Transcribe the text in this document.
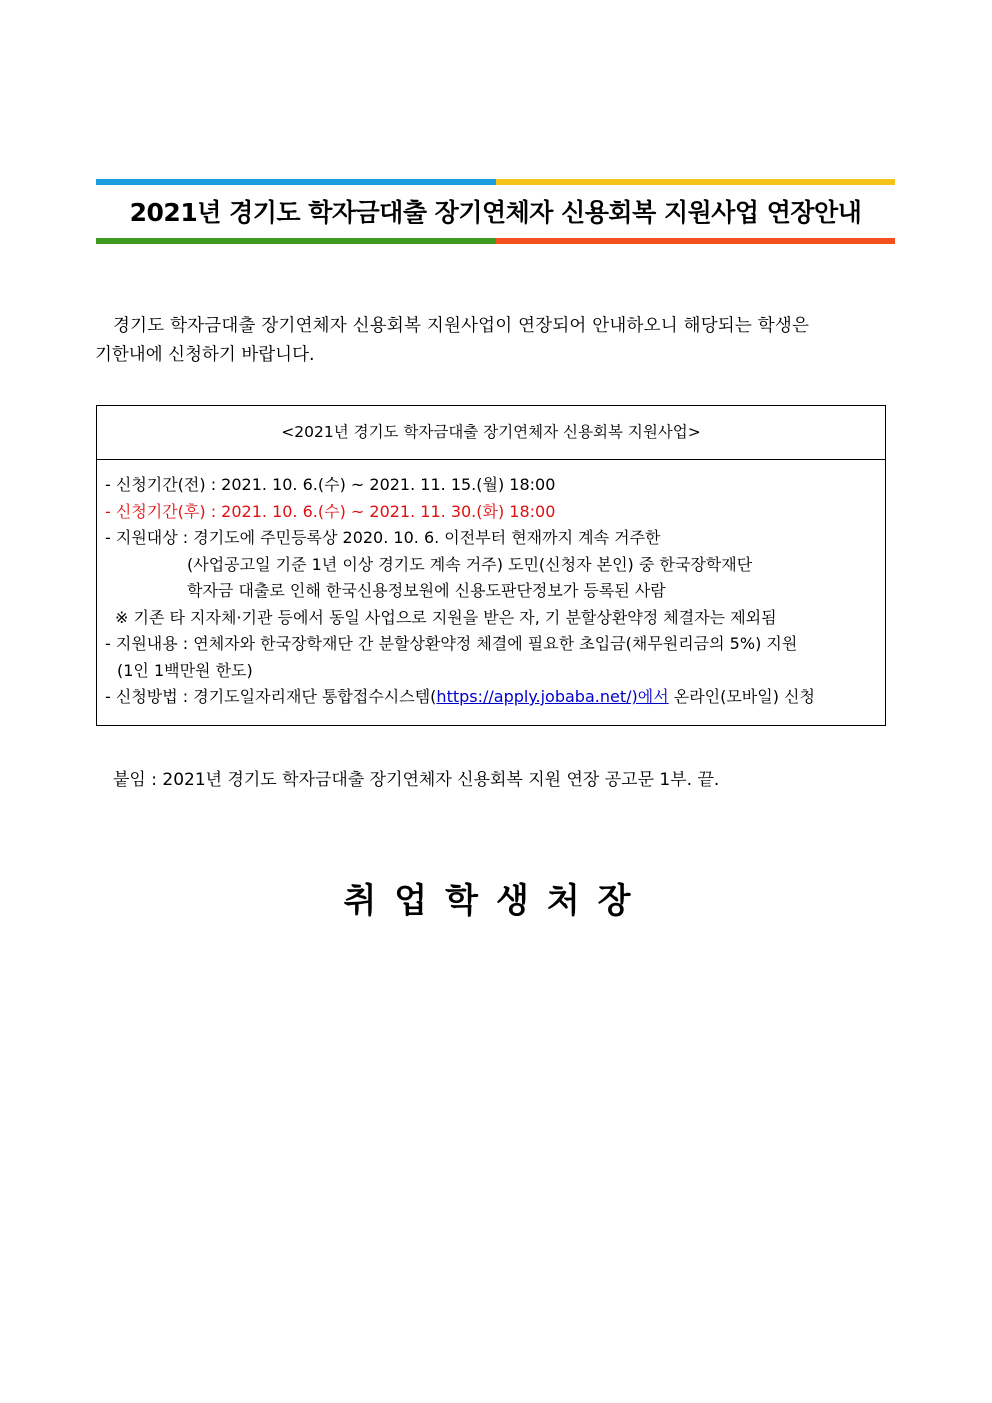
2021년 경기도 학자금대출 장기연체자 신용회복 지원사업 연장안내
경기도 학자금대출 장기연체자 신용회복 지원사업이 연장되어 안내하오니 해당되는 학생은
기한내에 신청하기 바랍니다.
<2021년 경기도 학자금대출 장기연체자 신용회복 지원사업>
- 신청기간(전) : 2021. 10. 6.(수) ~ 2021. 11. 15.(월) 18:00
- 신청기간(후) : 2021. 10. 6.(수) ~ 2021. 11. 30.(화) 18:00
- 지원대상 : 경기도에 주민등록상 2020. 10. 6. 이전부터 현재까지 계속 거주한
(사업공고일 기준 1년 이상 경기도 계속 거주) 도민(신청자 본인) 중 한국장학재단
학자금 대출로 인해 한국신용정보원에 신용도판단정보가 등록된 사람
※ 기존 타 지자체·기관 등에서 동일 사업으로 지원을 받은 자, 기 분할상환약정 체결자는 제외됨
- 지원내용 : 연체자와 한국장학재단 간 분할상환약정 체결에 필요한 초입금(채무원리금의 5%) 지원
(1인 1백만원 한도)
- 신청방법 : 경기도일자리재단 통합접수시스템(https://apply.jobaba.net/)에서 온라인(모바일) 신청
붙임 : 2021년 경기도 학자금대출 장기연체자 신용회복 지원 연장 공고문 1부. 끝.
취업학생처장
